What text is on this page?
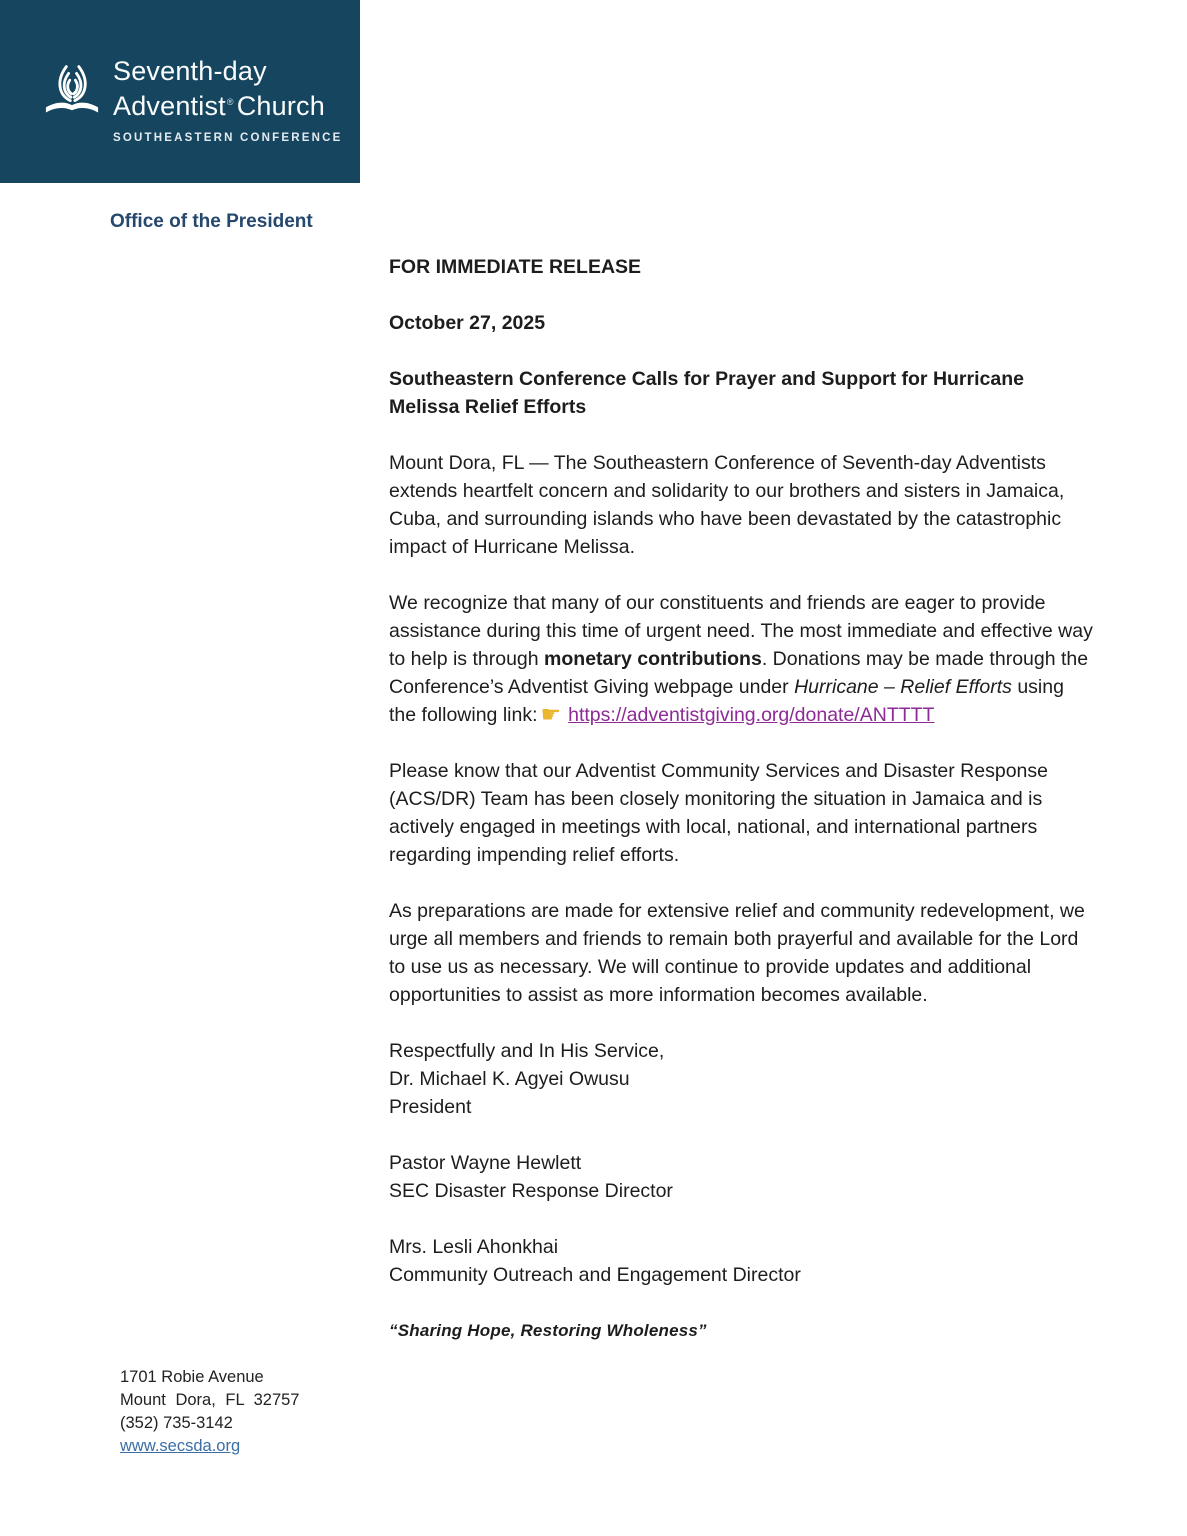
Seventh-day
Adventist® Church
SOUTHEASTERN CONFERENCE
Office of the President

FOR IMMEDIATE RELEASE

October 27, 2025

Southeastern Conference Calls for Prayer and Support for Hurricane Melissa Relief Efforts

Mount Dora, FL — The Southeastern Conference of Seventh-day Adventists extends heartfelt concern and solidarity to our brothers and sisters in Jamaica, Cuba, and surrounding islands who have been devastated by the catastrophic impact of Hurricane Melissa.

We recognize that many of our constituents and friends are eager to provide assistance during this time of urgent need. The most immediate and effective way to help is through monetary contributions. Donations may be made through the Conference’s Adventist Giving webpage under Hurricane – Relief Efforts using the following link: ☛ https://adventistgiving.org/donate/ANTTTT

Please know that our Adventist Community Services and Disaster Response (ACS/DR) Team has been closely monitoring the situation in Jamaica and is actively engaged in meetings with local, national, and international partners regarding impending relief efforts.

As preparations are made for extensive relief and community redevelopment, we urge all members and friends to remain both prayerful and available for the Lord to use us as necessary. We will continue to provide updates and additional opportunities to assist as more information becomes available.

Respectfully and In His Service,
Dr. Michael K. Agyei Owusu
President

Pastor Wayne Hewlett
SEC Disaster Response Director

Mrs. Lesli Ahonkhai
Community Outreach and Engagement Director

“Sharing Hope, Restoring Wholeness”

1701 Robie Avenue
Mount Dora, FL 32757
(352) 735-3142
www.secsda.org
